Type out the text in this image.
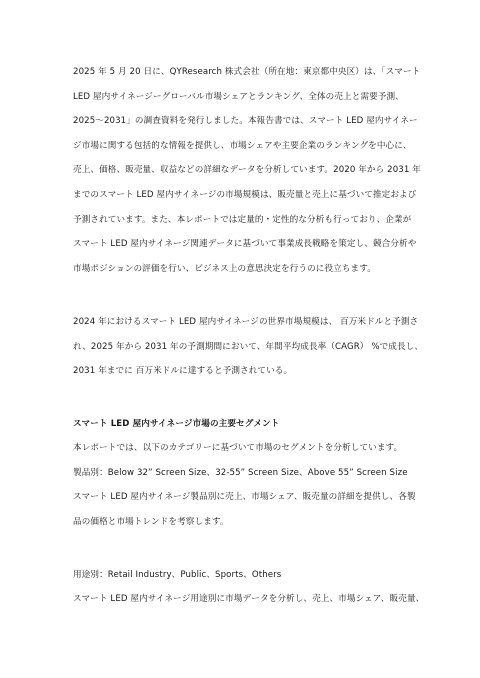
2025 年 5 月 20 日に、QYResearch 株式会社（所在地：東京都中央区）は、「スマート
LED 屋内サイネージーグローバル市場シェアとランキング、全体の売上と需要予測、
2025～2031」の調査資料を発行しました。本報告書では、スマート LED 屋内サイネー
ジ市場に関する包括的な情報を提供し、市場シェアや主要企業のランキングを中心に、
売上、価格、販売量、収益などの詳細なデータを分析しています。2020 年から 2031 年
までのスマート LED 屋内サイネージの市場規模は、販売量と売上に基づいて推定および
予測されています。また、本レポートでは定量的・定性的な分析も行っており、企業が
スマート LED 屋内サイネージ関連データに基づいて事業成長戦略を策定し、競合分析や
市場ポジションの評価を行い、ビジネス上の意思決定を行うのに役立ちます。
2024 年におけるスマート LED 屋内サイネージの世界市場規模は、 百万米ドルと予測さ
れ、2025 年から 2031 年の予測期間において、年間平均成長率（CAGR） %で成長し、
2031 年までに 百万米ドルに達すると予測されている。
スマート LED 屋内サイネージ市場の主要セグメント
本レポートでは、以下のカテゴリーに基づいて市場のセグメントを分析しています。
製品別：Below 32” Screen Size、32-55” Screen Size、Above 55” Screen Size
スマート LED 屋内サイネージ製品別に売上、市場シェア、販売量の詳細を提供し、各製
品の価格と市場トレンドを考察します。
用途別：Retail Industry、Public、Sports、Others
スマート LED 屋内サイネージ用途別に市場データを分析し、売上、市場シェア、販売量、
